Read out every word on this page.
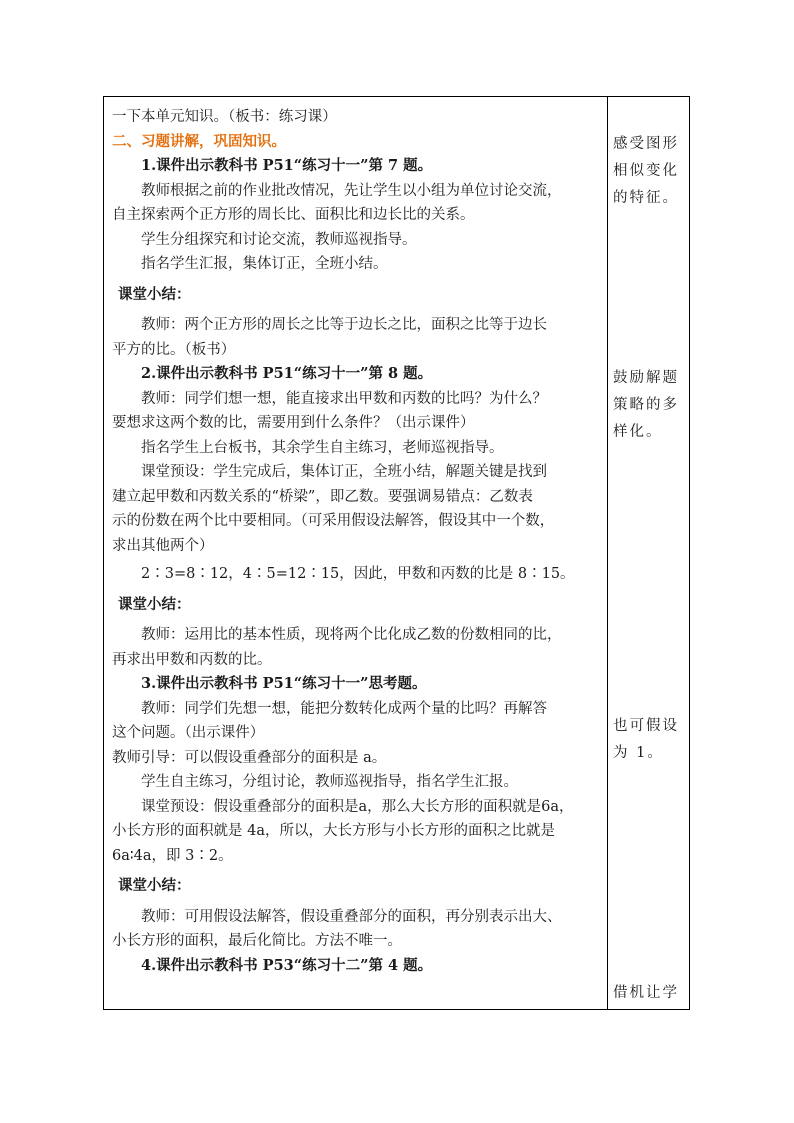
一下本单元知识。（板书：练习课）
二、习题讲解，巩固知识。
1.课件出示教科书 P51“练习十一”第 7 题。
教师根据之前的作业批改情况，先让学生以小组为单位讨论交流，
自主探索两个正方形的周长比、面积比和边长比的关系。
学生分组探究和讨论交流，教师巡视指导。
指名学生汇报，集体订正，全班小结。
课堂小结：
教师：两个正方形的周长之比等于边长之比，面积之比等于边长
平方的比。（板书）
2.课件出示教科书 P51“练习十一”第 8 题。
教师：同学们想一想，能直接求出甲数和丙数的比吗？为什么？
要想求这两个数的比，需要用到什么条件？（出示课件）
指名学生上台板书，其余学生自主练习，老师巡视指导。
课堂预设：学生完成后，集体订正，全班小结，解题关键是找到
建立起甲数和丙数关系的“桥梁”，即乙数。要强调易错点：乙数表
示的份数在两个比中要相同。（可采用假设法解答，假设其中一个数，
求出其他两个）
2∶3=8∶12，4∶5=12∶15，因此，甲数和丙数的比是 8∶15。
课堂小结：
教师：运用比的基本性质，现将两个比化成乙数的份数相同的比，
再求出甲数和丙数的比。
3.课件出示教科书 P51“练习十一”思考题。
教师：同学们先想一想，能把分数转化成两个量的比吗？再解答
这个问题。（出示课件）
教师引导：可以假设重叠部分的面积是 a。
学生自主练习，分组讨论，教师巡视指导，指名学生汇报。
课堂预设：假设重叠部分的面积是a，那么大长方形的面积就是6a，
小长方形的面积就是 4a，所以，大长方形与小长方形的面积之比就是
6a∶4a，即 3∶2。
课堂小结：
教师：可用假设法解答，假设重叠部分的面积，再分别表示出大、
小长方形的面积，最后化简比。方法不唯一。
4.课件出示教科书 P53“练习十二”第 4 题。
感受图形相似变化的特征。
鼓励解题策略的多样化。
也可假设为 1。
借机让学
